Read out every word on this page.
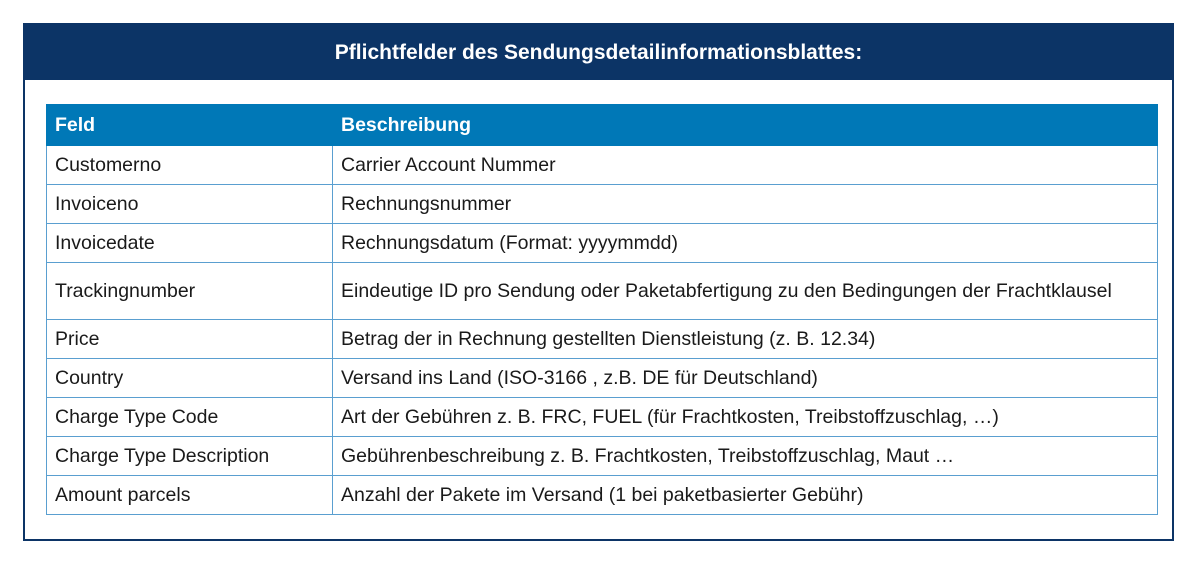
Pflichtfelder des Sendungsdetailinformationsblattes:
Feld	Beschreibung
Customerno	Carrier Account Nummer
Invoiceno	Rechnungsnummer
Invoicedate	Rechnungsdatum (Format: yyyymmdd)
Trackingnumber	Eindeutige ID pro Sendung oder Paketabfertigung zu den Bedingungen der Frachtklausel
Price	Betrag der in Rechnung gestellten Dienstleistung (z. B. 12.34)
Country	Versand ins Land (ISO-3166 , z.B. DE für Deutschland)
Charge Type Code	Art der Gebühren z. B. FRC, FUEL (für Frachtkosten, Treibstoffzuschlag, …)
Charge Type Description	Gebührenbeschreibung z. B. Frachtkosten, Treibstoffzuschlag, Maut …
Amount parcels	Anzahl der Pakete im Versand (1 bei paketbasierter Gebühr)
